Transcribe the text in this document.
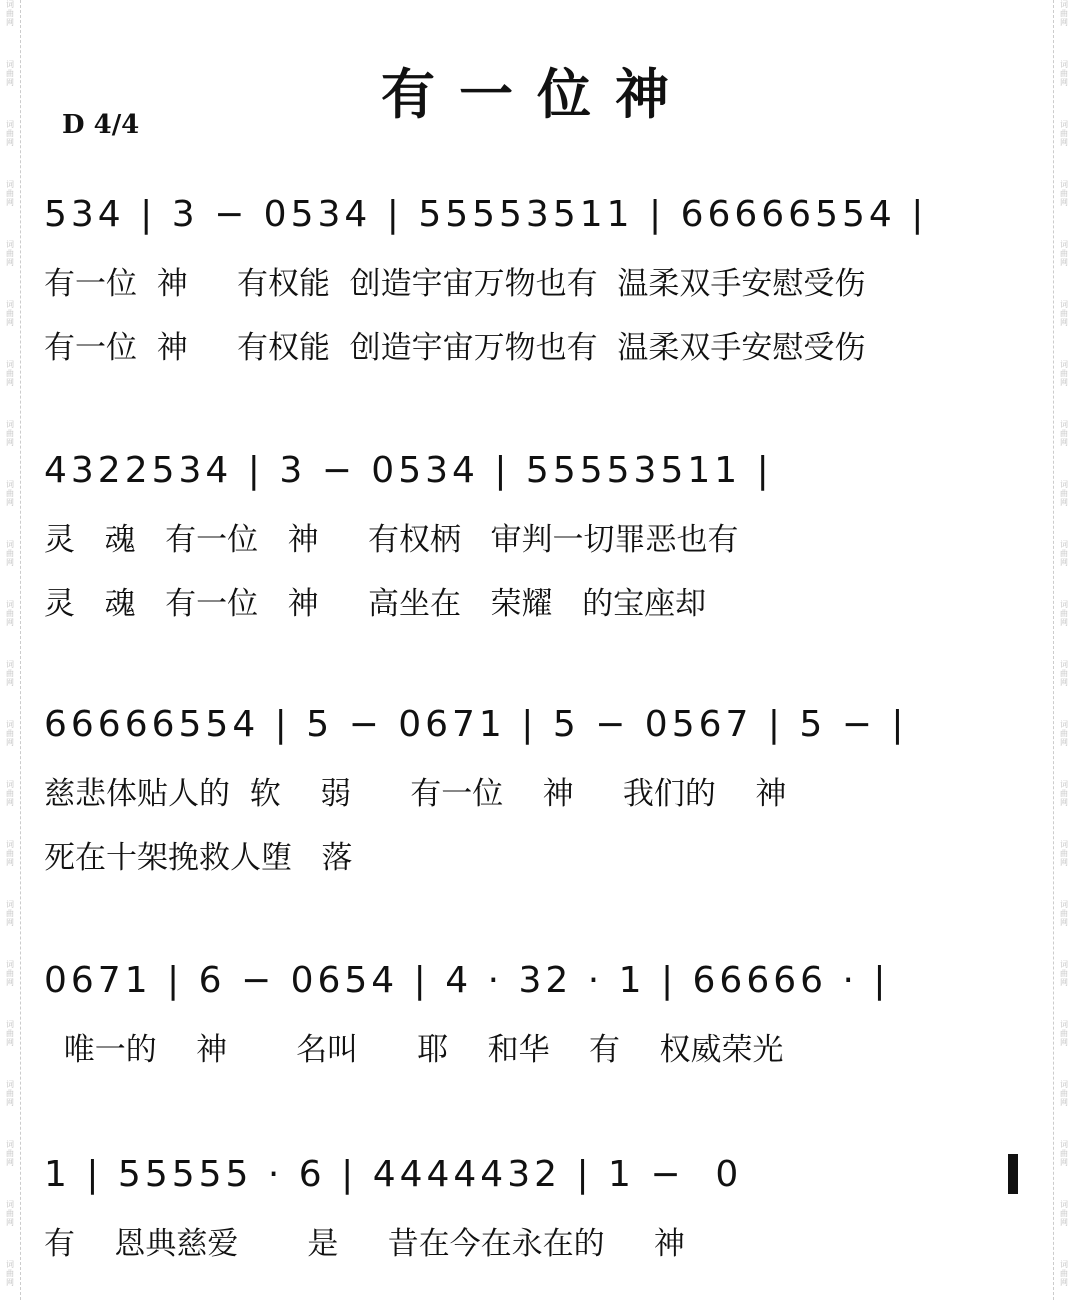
词曲网
词曲网
词曲网
词曲网
词曲网
词曲网
词曲网
词曲网
词曲网
词曲网
词曲网
词曲网
词曲网
词曲网
词曲网
词曲网
词曲网
词曲网
词曲网
词曲网
词曲网
词曲网
词曲网
词曲网
词曲网
词曲网
词曲网
词曲网
词曲网
词曲网
词曲网
词曲网
词曲网
词曲网
词曲网
词曲网
词曲网
词曲网
词曲网
词曲网
词曲网
词曲网
词曲网
词曲网
有一位神
D 4/4
534 | 3 − 0534 | 55553511 | 66666554 |
有一位  神     有权能  创造宇宙万物也有  温柔双手安慰受伤
有一位  神     有权能  创造宇宙万物也有  温柔双手安慰受伤
4322534 | 3 − 0534 | 55553511 |
灵   魂   有一位   神     有权柄   审判一切罪恶也有
灵   魂   有一位   神     高坐在   荣耀   的宝座却
66666554 | 5 − 0671 | 5 − 0567 | 5 − |
慈悲体贴人的  软    弱      有一位    神     我们的    神
死在十架挽救人堕   落
0671 | 6 − 0654 | 4 · 32 · 1 | 66666 · |
唯一的    神       名叫      耶    和华    有    权威荣光
1 | 55555 · 6 | 4444432 | 1 −  0
有    恩典慈爱       是     昔在今在永在的     神
